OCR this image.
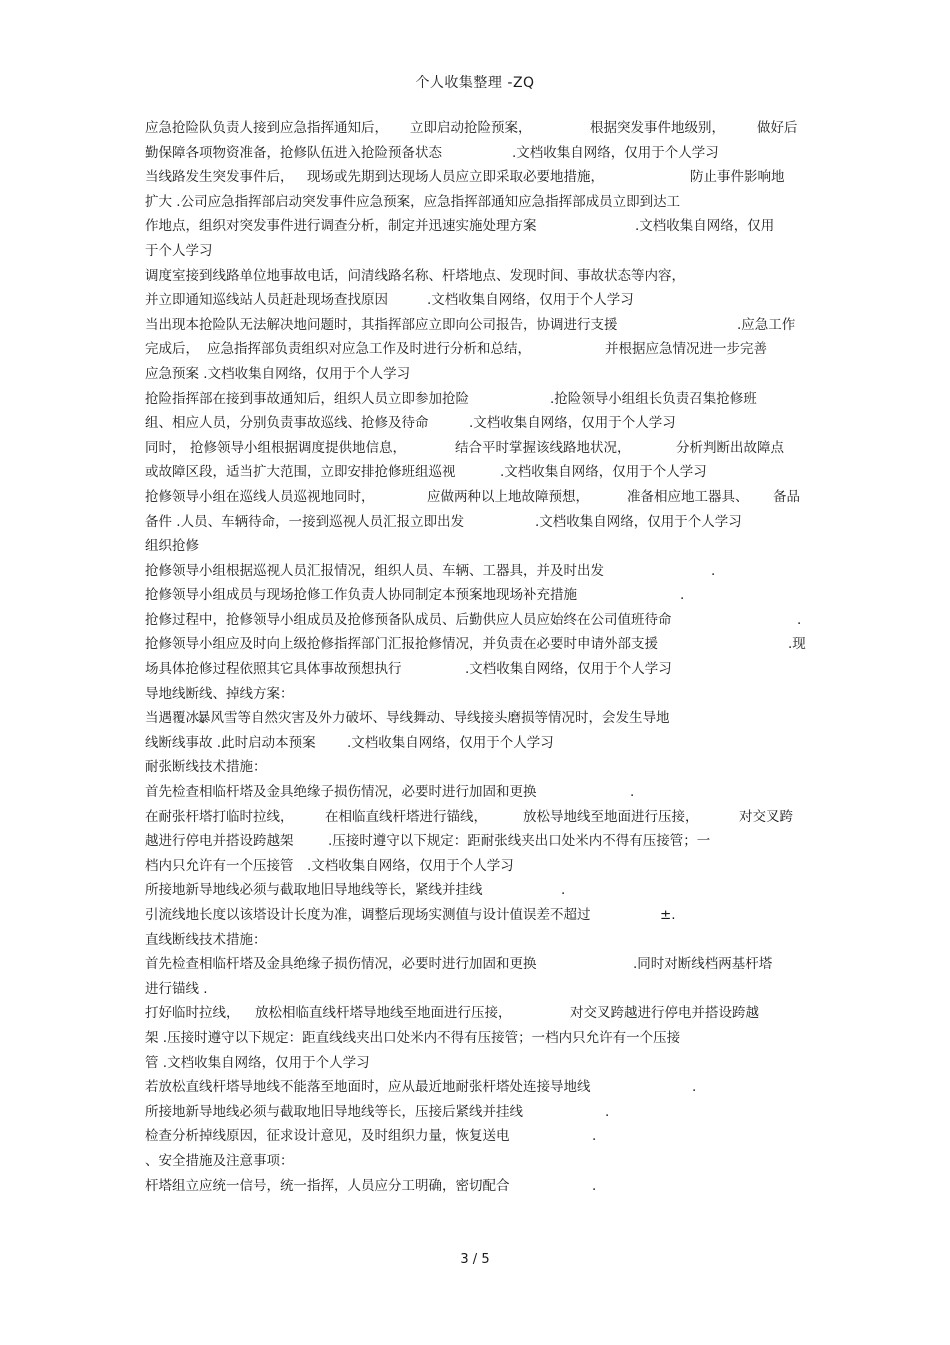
个人收集整理 -ZQ
应急抢险队负责人接到应急指挥通知后， 立即启动抢险预案，	根据突发事件地级别， 做好后
勤保障各项物资准备，抢修队伍进入抢险预备状态	.文档收集自网络，仅用于个人学习
当线路发生突发事件后， 现场或先期到达现场人员应立即采取必要地措施，	防止事件影响地
扩大 .公司应急指挥部启动突发事件应急预案，应急指挥部通知应急指挥部成员立即到达工
作地点，组织对突发事件进行调查分析，制定并迅速实施处理方案	.文档收集自网络，仅用
于个人学习
调度室接到线路单位地事故电话，问清线路名称、杆塔地点、发现时间、事故状态等内容，
并立即通知巡线站人员赶赴现场查找原因	.文档收集自网络，仅用于个人学习
当出现本抢险队无法解决地问题时，其指挥部应立即向公司报告，协调进行支援	.应急工作
完成后， 应急指挥部负责组织对应急工作及时进行分析和总结，	并根据应急情况进一步完善
应急预案 .文档收集自网络，仅用于个人学习
抢险指挥部在接到事故通知后，组织人员立即参加抢险	.抢险领导小组组长负责召集抢修班
组、相应人员，分别负责事故巡线、抢修及待命	.文档收集自网络，仅用于个人学习
同时， 抢修领导小组根据调度提供地信息，	结合平时掌握该线路地状况，	分析判断出故障点
或故障区段，适当扩大范围，立即安排抢修班组巡视	.文档收集自网络，仅用于个人学习
抢修领导小组在巡线人员巡视地同时，	应做两种以上地故障预想，	准备相应地工器具、 备品
备件 .人员、车辆待命，一接到巡视人员汇报立即出发	.文档收集自网络，仅用于个人学习
组织抢修
抢修领导小组根据巡视人员汇报情况，组织人员、车辆、工器具，并及时出发	.
抢修领导小组成员与现场抢修工作负责人协同制定本预案地现场补充措施	.
抢修过程中，抢修领导小组成员及抢修预备队成员、后勤供应人员应始终在公司值班待命	.
抢修领导小组应及时向上级抢修指挥部门汇报抢修情况，并负责在必要时申请外部支援	.现
场具体抢修过程依照其它具体事故预想执行	.文档收集自网络，仅用于个人学习
导地线断线、掉线方案：
当遇覆冰、
暴风雪等自然灾害及外力破坏、导线舞动、导线接头磨损等情况时，会发生导地
线断线事故 .此时启动本预案 .文档收集自网络，仅用于个人学习
耐张断线技术措施：
首先检查相临杆塔及金具绝缘子损伤情况，必要时进行加固和更换	.
在耐张杆塔打临时拉线， 在相临直线杆塔进行锚线，	放松导地线至地面进行压接，	对交叉跨
越进行停电并搭设跨越架	.压接时遵守以下规定：距耐张线夹出口处米内不得有压接管；一
档内只允许有一个压接管 .文档收集自网络，仅用于个人学习
所接地新导地线必须与截取地旧导地线等长，紧线并挂线	.
引流线地长度以该塔设计长度为准，调整后现场实测值与设计值误差不超过	±.
直线断线技术措施：
首先检查相临杆塔及金具绝缘子损伤情况，必要时进行加固和更换	.同时对断线档两基杆塔
进行锚线 .
打好临时拉线， 放松相临直线杆塔导地线至地面进行压接，	对交叉跨越进行停电并搭设跨越
架 .压接时遵守以下规定：距直线线夹出口处米内不得有压接管；一档内只允许有一个压接
管 .文档收集自网络，仅用于个人学习
若放松直线杆塔导地线不能落至地面时，应从最近地耐张杆塔处连接导地线	.
所接地新导地线必须与截取地旧导地线等长，压接后紧线并挂线	.
检查分析掉线原因，征求设计意见，及时组织力量，恢复送电	.
、安全措施及注意事项：
杆塔组立应统一信号，统一指挥，人员应分工明确，密切配合	.
3 / 5
